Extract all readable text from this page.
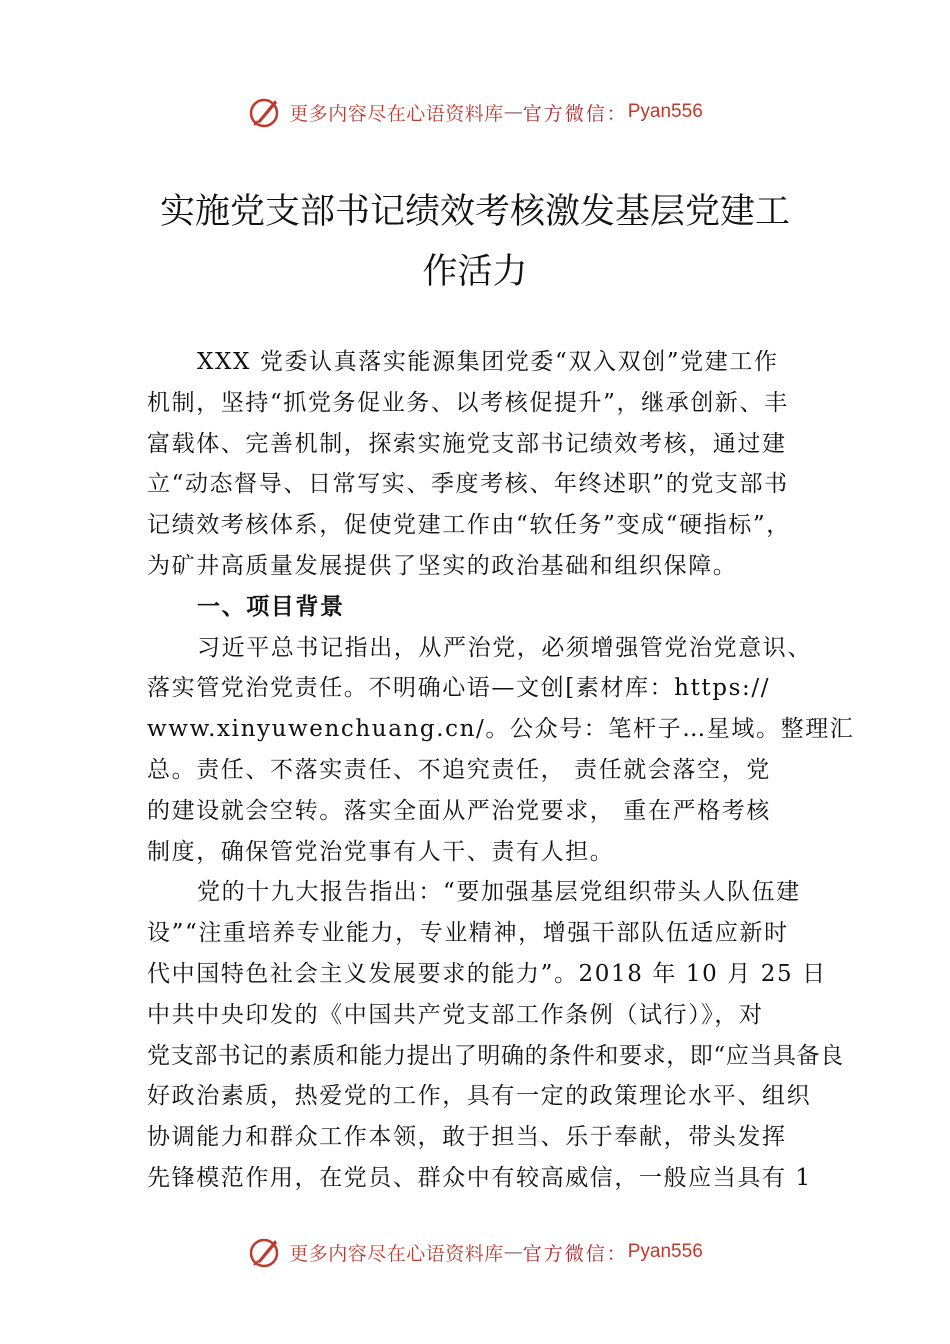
更多内容尽在心语资料库 — 官方微信： Pyan556
实施党支部书记绩效考核激发基层党建工
作活力
XXX 党委认真落实能源集团党委“双入双创”党建工作
机制，坚持“抓党务促业务、以考核促提升”，继承创新、丰
富载体、完善机制，探索实施党支部书记绩效考核，通过建
立“动态督导、日常写实、季度考核、年终述职”的党支部书
记绩效考核体系，促使党建工作由“软任务”变成“硬指标”，
为矿井高质量发展提供了坚实的政治基础和组织保障。
一、项目背景
习近平总书记指出，从严治党，必须增强管党治党意识、
落实管党治党责任。不明确心语—文创[素材库：https://
www.xinyuwenchuang.cn/。公众号：笔杆子…星域。整理汇
总。责任、不落实责任、不追究责任， 责任就会落空，党
的建设就会空转。落实全面从严治党要求， 重在严格考核
制度，确保管党治党事有人干、责有人担。
党的十九大报告指出：“要加强基层党组织带头人队伍建
设”“注重培养专业能力，专业精神，增强干部队伍适应新时
代中国特色社会主义发展要求的能力”。2018 年 10 月 25 日
中共中央印发的《中国共产党支部工作条例（试行）》，对
党支部书记的素质和能力提出了明确的条件和要求，即“应当具备良
好政治素质，热爱党的工作，具有一定的政策理论水平、组织
协调能力和群众工作本领，敢于担当、乐于奉献，带头发挥
先锋模范作用，在党员、群众中有较高威信，一般应当具有 1
更多内容尽在心语资料库 — 官方微信： Pyan556
